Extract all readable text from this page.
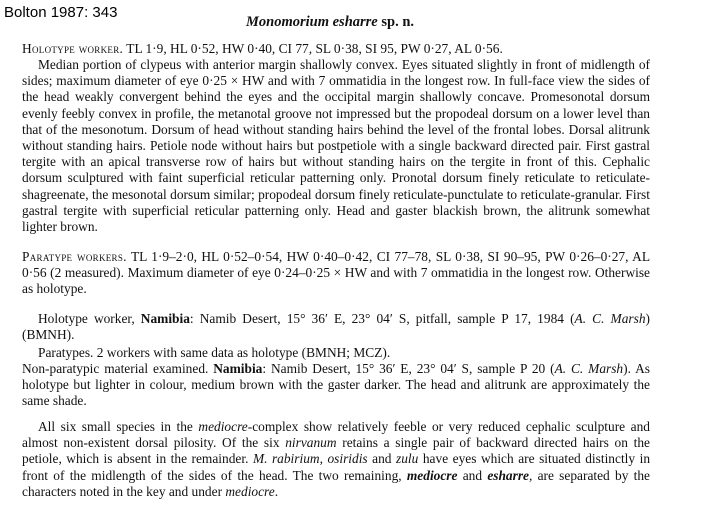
Bolton 1987: 343
Monomorium esharre sp. n.

Holotype worker. TL 1·9, HL 0·52, HW 0·40, CI 77, SL 0·38, SI 95, PW 0·27, AL 0·56.

Median portion of clypeus with anterior margin shallowly convex. Eyes situated slightly in front of midlength of sides; maximum diameter of eye 0·25 × HW and with 7 ommatidia in the longest row. In full-face view the sides of the head weakly convergent behind the eyes and the occipital margin shallowly concave. Promesonotal dorsum evenly feebly convex in profile, the metanotal groove not impressed but the propodeal dorsum on a lower level than that of the mesonotum. Dorsum of head without standing hairs behind the level of the frontal lobes. Dorsal alitrunk without standing hairs. Petiole node without hairs but postpetiole with a single backward directed pair. First gastral tergite with an apical transverse row of hairs but without standing hairs on the tergite in front of this. Cephalic dorsum sculptured with faint superficial reticular patterning only. Pronotal dorsum finely reticulate to reticulate-shagreenate, the mesonotal dorsum similar; propodeal dorsum finely reticulate-punctulate to reticulate-granular. First gastral tergite with superficial reticular patterning only. Head and gaster blackish brown, the alitrunk somewhat lighter brown.

Paratype workers. TL 1·9–2·0, HL 0·52–0·54, HW 0·40–0·42, CI 77–78, SL 0·38, SI 90–95, PW 0·26–0·27, AL 0·56 (2 measured). Maximum diameter of eye 0·24–0·25 × HW and with 7 ommatidia in the longest row. Otherwise as holotype.

Holotype worker, Namibia: Namib Desert, 15° 36′ E, 23° 04′ S, pitfall, sample P 17, 1984 (A. C. Marsh) (BMNH).

Paratypes. 2 workers with same data as holotype (BMNH; MCZ).

Non-paratypic material examined. Namibia: Namib Desert, 15° 36′ E, 23° 04′ S, sample P 20 (A. C. Marsh). As holotype but lighter in colour, medium brown with the gaster darker. The head and alitrunk are approximately the same shade.

All six small species in the mediocre-complex show relatively feeble or very reduced cephalic sculpture and almost non-existent dorsal pilosity. Of the six nirvanum retains a single pair of backward directed hairs on the petiole, which is absent in the remainder. M. rabirium, osiridis and zulu have eyes which are situated distinctly in front of the midlength of the sides of the head. The two remaining, mediocre and esharre, are separated by the characters noted in the key and under mediocre.
